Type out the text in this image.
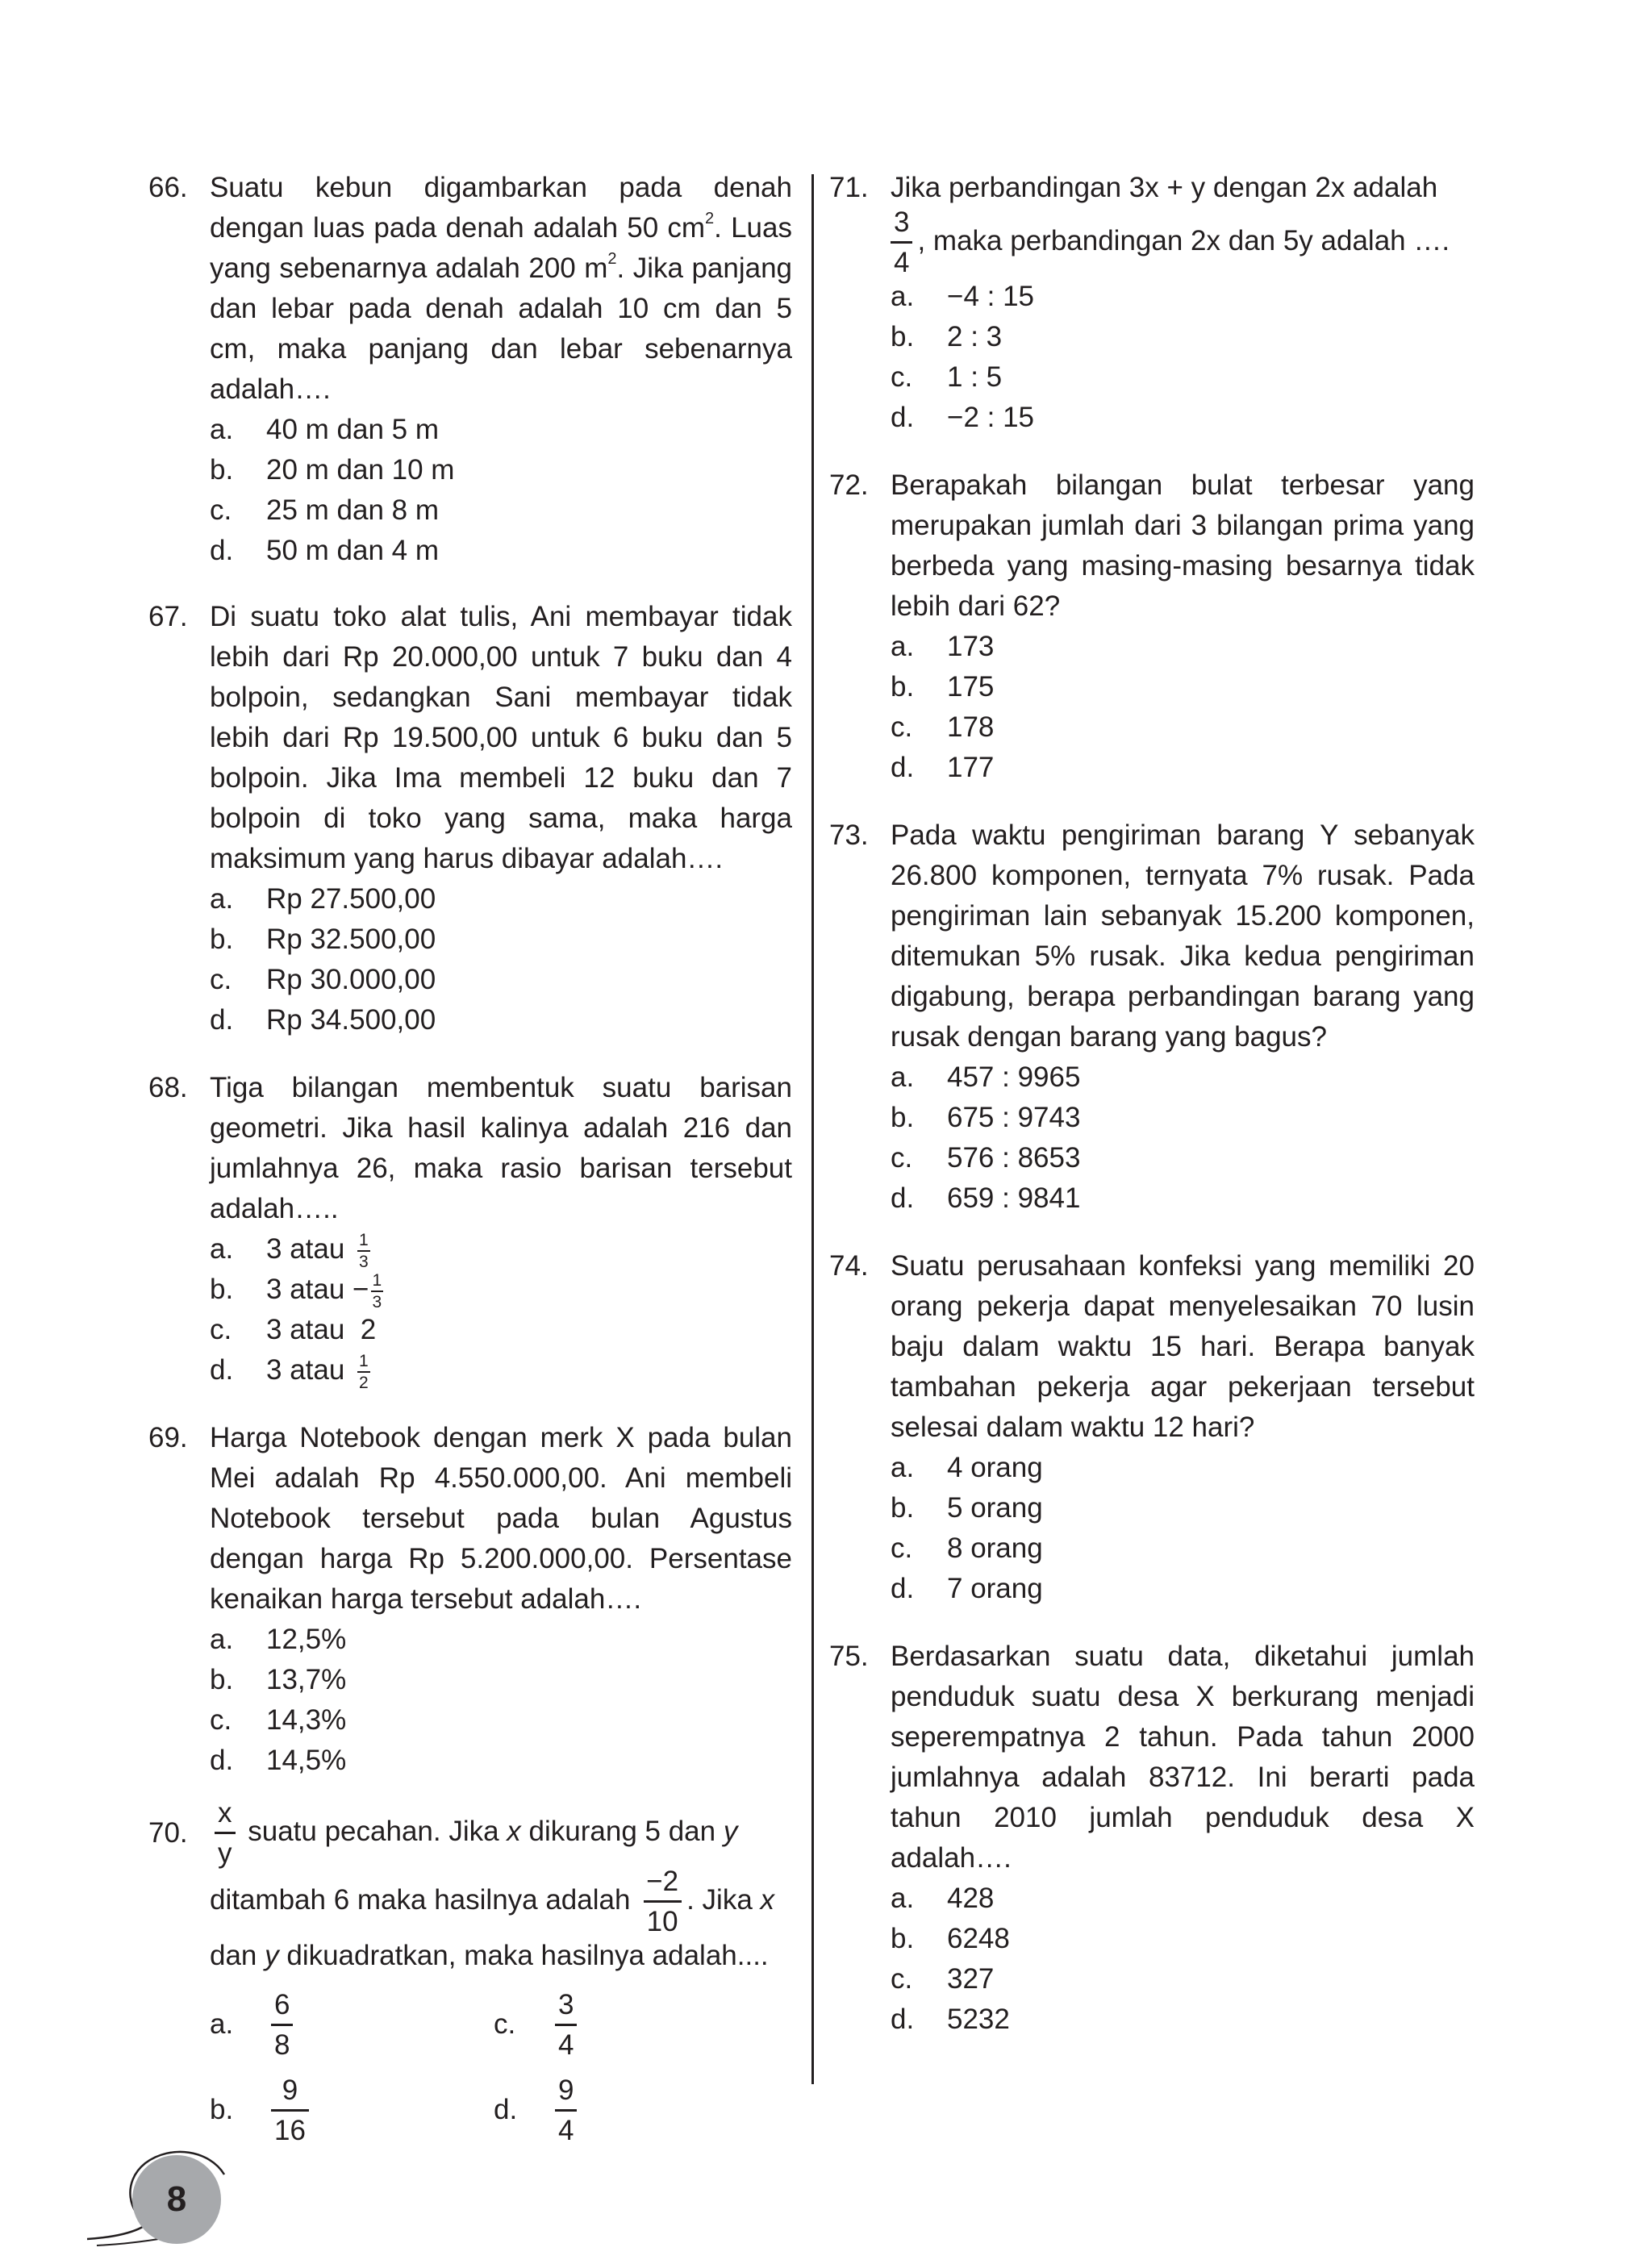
66. Suatu kebun digambarkan pada denah dengan luas pada denah adalah 50 $cm^2$. Luas yang sebenarnya adalah 200 $m^2$. Jika panjang dan lebar pada denah adalah 10 cm dan 5 cm, maka panjang dan lebar sebenarnya adalah….
a. 40 m dan 5 m
b. 20 m dan 10 m
c. 25 m dan 8 m
d. 50 m dan 4 m
67. Di suatu toko alat tulis, Ani membayar tidak lebih dari Rp 20.000,00 untuk 7 buku dan 4 bolpoin, sedangkan Sani membayar tidak lebih dari Rp 19.500,00 untuk 6 buku dan 5 bolpoin. Jika Ima membeli 12 buku dan 7 bolpoin di toko yang sama, maka harga maksimum yang harus dibayar adalah….
a. Rp 27.500,00
b. Rp 32.500,00
c. Rp 30.000,00
d. Rp 34.500,00
68. Tiga bilangan membentuk suatu barisan geometri. Jika hasil kalinya adalah 216 dan jumlahnya 26, maka rasio barisan tersebut adalah…..
a. 3 atau $\frac{1}{3}$
b. 3 atau − $\frac{1}{3}$
c. 3 atau  2
d. 3 atau $\frac{1}{2}$
69. Harga Notebook dengan merk X pada bulan Mei adalah Rp 4.550.000,00. Ani membeli Notebook tersebut pada bulan Agustus dengan harga Rp 5.200.000,00. Persentase kenaikan harga tersebut adalah….
a. 12,5%
b. 13,7%
c. 14,3%
d. 14,5%
70. $\frac{x}{y}$ suatu pecahan. Jika x dikurang 5 dan y
ditambah 6 maka hasilnya adalah $\frac{-2}{10}$ . Jika x
dan y dikuadratkan, maka hasilnya adalah....
a.	$\frac{6}{8}$	c.	$\frac{3}{4}$
b.	$\frac{9}{16}$	d.	$\frac{9}{4}$
71. Jika perbandingan 3x + y dengan 2x adalah
$\frac{3}{4}$ , maka perbandingan 2x dan 5y adalah ….
a. −4 : 15
b. 2 : 3
c. 1 : 5
d. −2 : 15
72. Berapakah bilangan bulat terbesar yang merupakan jumlah dari 3 bilangan prima yang berbeda yang masing-masing besarnya tidak lebih dari 62?
a. 173
b. 175
c. 178
d. 177
73. Pada waktu pengiriman barang Y sebanyak 26.800 komponen, ternyata 7% rusak. Pada pengiriman lain sebanyak 15.200 komponen, ditemukan 5% rusak. Jika kedua pengiriman digabung, berapa perbandingan barang yang rusak dengan barang yang bagus?
a. 457 : 9965
b. 675 : 9743
c. 576 : 8653
d. 659 : 9841
74. Suatu perusahaan konfeksi yang memiliki 20 orang pekerja dapat menyelesaikan 70 lusin baju dalam waktu 15 hari. Berapa banyak tambahan pekerja agar pekerjaan tersebut selesai dalam waktu 12 hari?
a. 4 orang
b. 5 orang
c. 8 orang
d. 7 orang
75. Berdasarkan suatu data, diketahui jumlah penduduk suatu desa X berkurang menjadi seperempatnya 2 tahun. Pada tahun 2000 jumlahnya adalah 83712. Ini berarti pada tahun 2010 jumlah penduduk desa X adalah….
a. 428
b. 6248
c. 327
d. 5232
8
